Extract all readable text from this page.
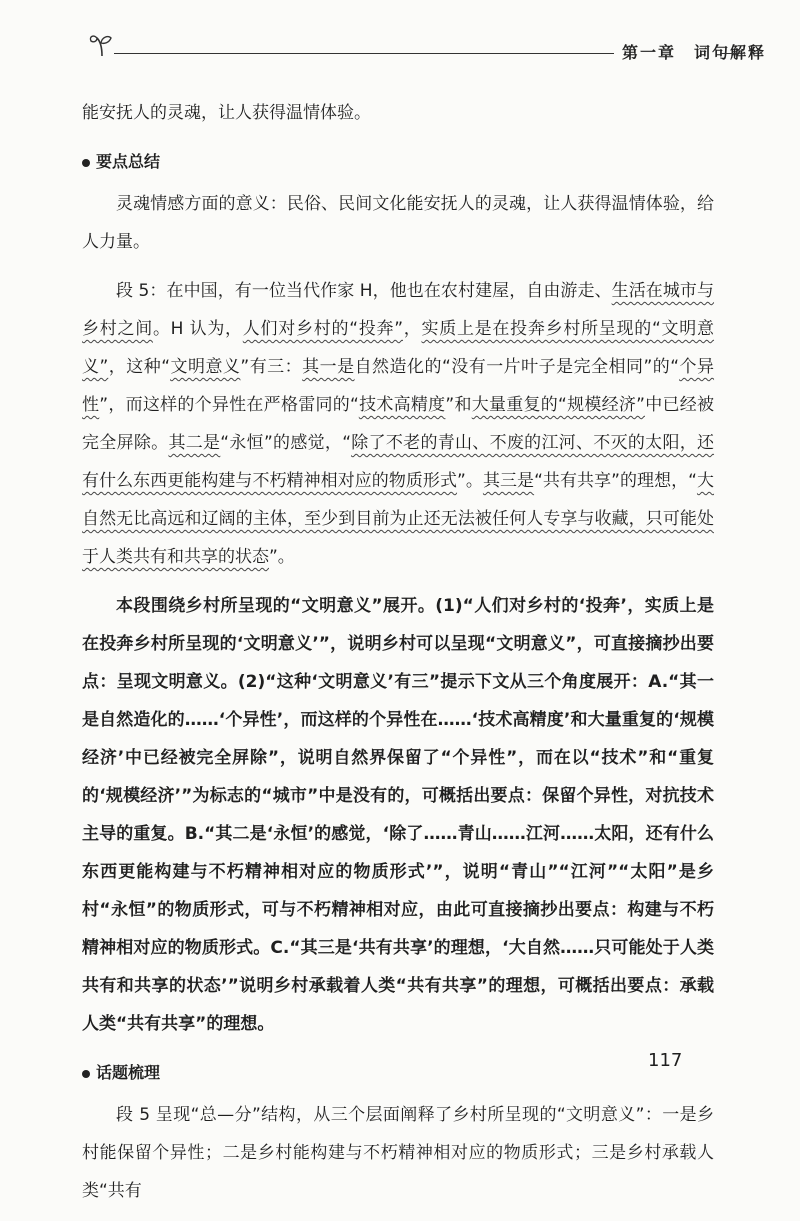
第一章　词句解释

能安抚人的灵魂，让人获得温情体验。

要点总结

灵魂情感方面的意义：民俗、民间文化能安抚人的灵魂，让人获得温情体验，给人力量。

段 5：在中国，有一位当代作家 H，他也在农村建屋，自由游走、生活在城市与乡村之间。H 认为，人们对乡村的“投奔”，实质上是在投奔乡村所呈现的“文明意义”，这种“文明意义”有三：其一是自然造化的“没有一片叶子是完全相同”的“个异性”，而这样的个异性在严格雷同的“技术高精度”和大量重复的“规模经济”中已经被完全屏除。其二是“永恒”的感觉，“除了不老的青山、不废的江河、不灭的太阳，还有什么东西更能构建与不朽精神相对应的物质形式”。其三是“共有共享”的理想，“大自然无比高远和辽阔的主体，至少到目前为止还无法被任何人专享与收藏，只可能处于人类共有和共享的状态”。

本段围绕乡村所呈现的“文明意义”展开。(1)“人们对乡村的‘投奔’，实质上是在投奔乡村所呈现的‘文明意义’”，说明乡村可以呈现“文明意义”，可直接摘抄出要点：呈现文明意义。(2)“这种‘文明意义’有三”提示下文从三个角度展开：A.“其一是自然造化的……‘个异性’，而这样的个异性在……‘技术高精度’和大量重复的‘规模经济’中已经被完全屏除”，说明自然界保留了“个异性”，而在以“技术”和“重复的‘规模经济’”为标志的“城市”中是没有的，可概括出要点：保留个异性，对抗技术主导的重复。B.“其二是‘永恒’的感觉，‘除了……青山……江河……太阳，还有什么东西更能构建与不朽精神相对应的物质形式’”，说明“青山”“江河”“太阳”是乡村“永恒”的物质形式，可与不朽精神相对应，由此可直接摘抄出要点：构建与不朽精神相对应的物质形式。C.“其三是‘共有共享’的理想，‘大自然……只可能处于人类共有和共享的状态’”说明乡村承载着人类“共有共享”的理想，可概括出要点：承载人类“共有共享”的理想。

话题梳理

段 5 呈现“总—分”结构，从三个层面阐释了乡村所呈现的“文明意义”：一是乡村能保留个异性；二是乡村能构建与不朽精神相对应的物质形式；三是乡村承载人类“共有

117
